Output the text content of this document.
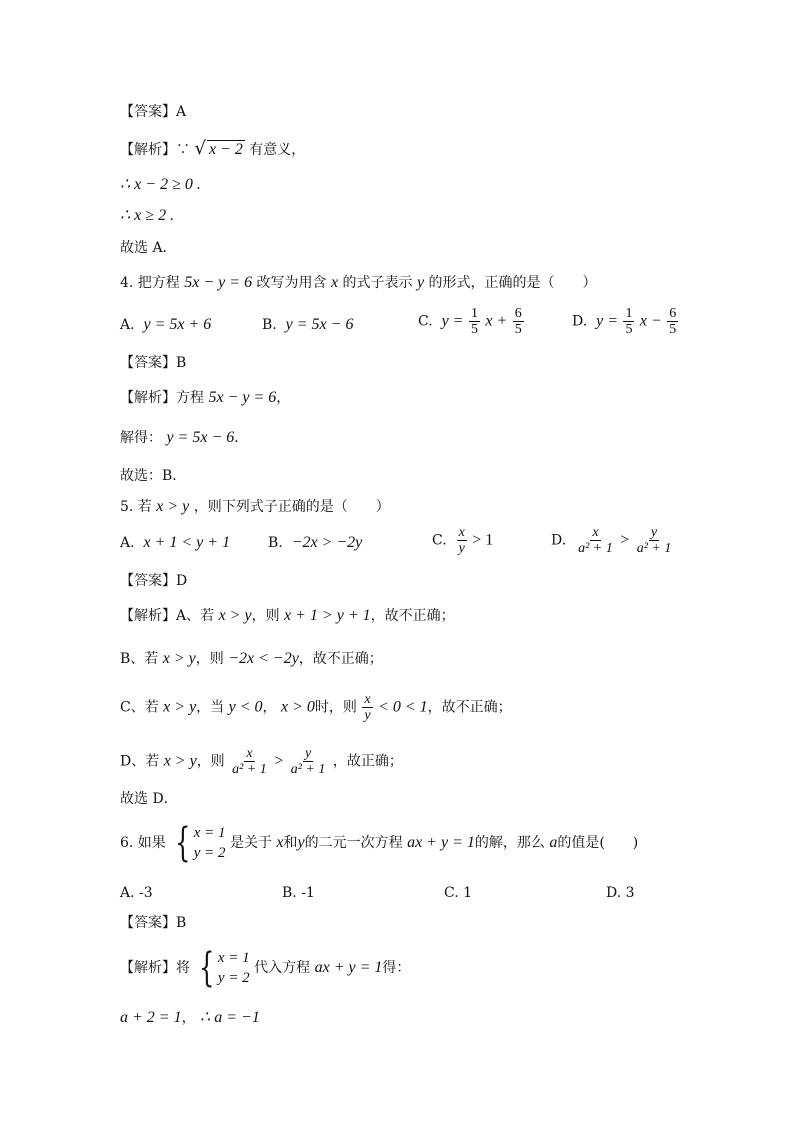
【答案】A
【解析】∵ √ x − 2 有意义，
∴ x − 2 ≥ 0 .
∴ x ≥ 2 .
故选 A．
4. 把方程 5x − y = 6 改写为用含 x 的式子表示 y 的形式，正确的是（　　）
A. y = 5x + 6	B. y = 5x − 6	C. $y = \frac{1}{5}$ $x + \frac{6}{5}$	D. $y = \frac{1}{5}$ $x - \frac{6}{5}$
【答案】B
【解析】方程 5x − y = 6，
解得： y = 5x − 6．
故选：B．
5. 若 x > y ，则下列式子正确的是（　　）
A. x + 1 < y + 1	B. −2x > −2y	C. $\frac{x}{y} > 1$	D. $\frac{x}{\text{a² + 1}} > \frac{y}{\text{a² + 1}}$
【答案】D
【解析】A、若 x > y，则 x + 1 > y + 1，故不正确；
B、若 x > y，则 −2x < −2y，故不正确；
C、若 x > y，当 y < 0， x > 0时，则 $\frac{x}{y} < 0 < 1$，故不正确；
D、若 x > y，则 $\frac{x}{\text{a² + 1}} > \frac{y}{\text{a² + 1}}$ ，故正确；
故选 D．
6. 如果 { x = 1
y = 2
是关于 x和y的二元一次方程 ax + y = 1的解，那么 a的值是(　　)
A. -3	B. -1	C. 1	D. 3
【答案】B
【解析】将 { x = 1
y = 2
代入方程 ax + y = 1得：
a + 2 = 1， ∴ a = −1
